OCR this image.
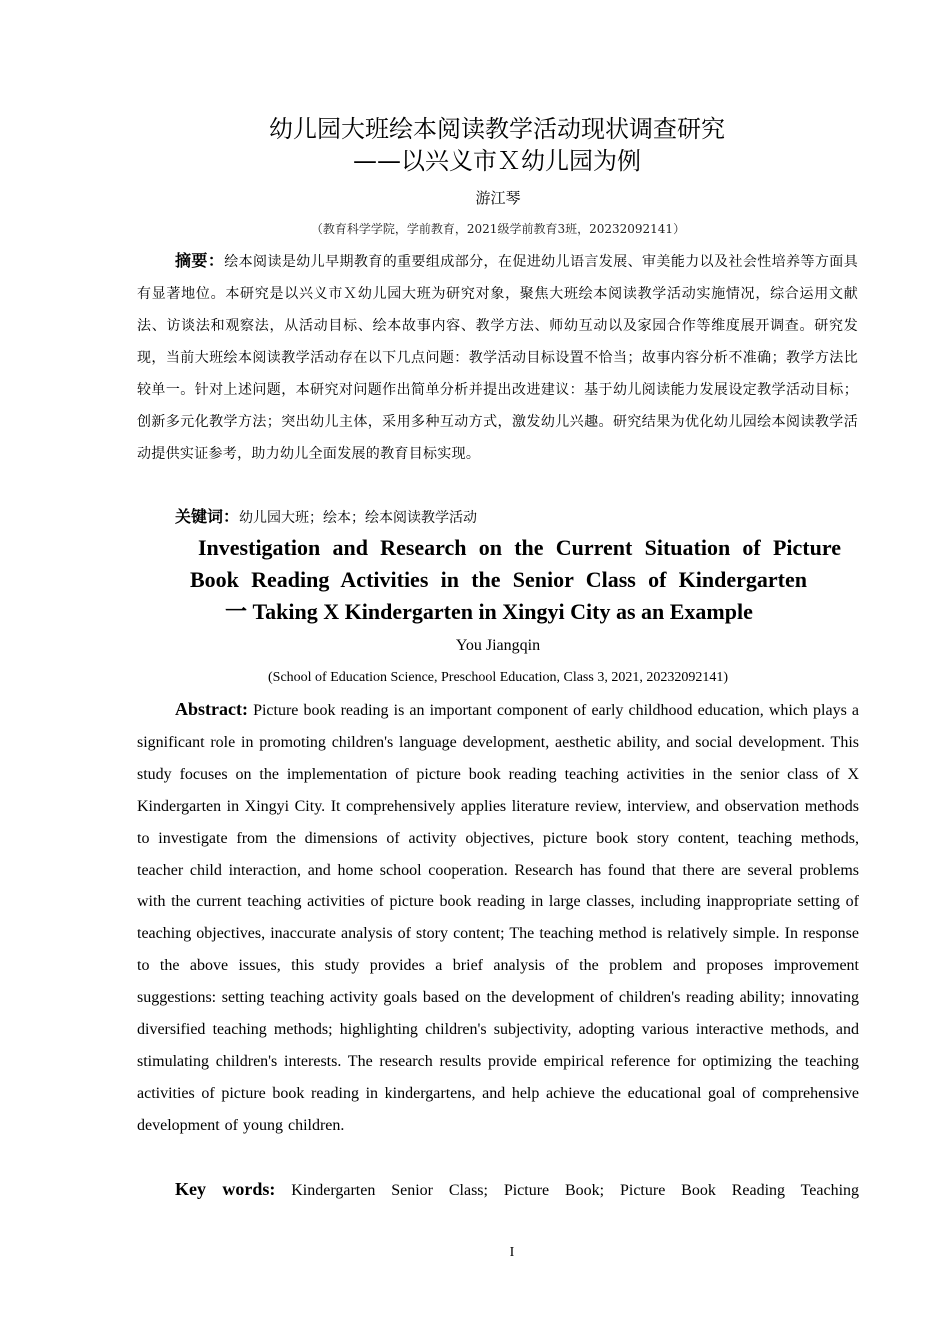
幼儿园大班绘本阅读教学活动现状调查研究
——以兴义市Ｘ幼儿园为例
游江琴
（教育科学学院，学前教育，2021级学前教育3班，20232092141）
摘要：绘本阅读是幼儿早期教育的重要组成部分，在促进幼儿语言发展、审美能力以及社会性培养等方面具有显著地位。本研究是以兴义市Ｘ幼儿园大班为研究对象，聚焦大班绘本阅读教学活动实施情况，综合运用文献法、访谈法和观察法，从活动目标、绘本故事内容、教学方法、师幼互动以及家园合作等维度展开调查。研究发现，当前大班绘本阅读教学活动存在以下几点问题：教学活动目标设置不恰当；故事内容分析不准确；教学方法比较单一。针对上述问题，本研究对问题作出简单分析并提出改进建议：基于幼儿阅读能力发展设定教学活动目标；创新多元化教学方法；突出幼儿主体，采用多种互动方式，激发幼儿兴趣。研究结果为优化幼儿园绘本阅读教学活动提供实证参考，助力幼儿全面发展的教育目标实现。
关键词：幼儿园大班；绘本；绘本阅读教学活动
Investigation and Research on the Current Situation of Picture
Book Reading Activities in the Senior Class of Kindergarten
一 Taking X Kindergarten in Xingyi City as an Example
You Jiangqin
(School of Education Science, Preschool Education, Class 3, 2021, 20232092141)
Abstract: Picture book reading is an important component of early childhood education, which plays a significant role in promoting children's language development, aesthetic ability, and social development. This study focuses on the implementation of picture book reading teaching activities in the senior class of X Kindergarten in Xingyi City. It comprehensively applies literature review, interview, and observation methods to investigate from the dimensions of activity objectives, picture book story content, teaching methods, teacher child interaction, and home school cooperation. Research has found that there are several problems with the current teaching activities of picture book reading in large classes, including inappropriate setting of teaching objectives, inaccurate analysis of story content; The teaching method is relatively simple. In response to the above issues, this study provides a brief analysis of the problem and proposes improvement suggestions: setting teaching activity goals based on the development of children's reading ability; innovating diversified teaching methods; highlighting children's subjectivity, adopting various interactive methods, and stimulating children's interests. The research results provide empirical reference for optimizing the teaching activities of picture book reading in kindergartens, and help achieve the educational goal of comprehensive development of young children.
Key words: Kindergarten Senior Class; Picture Book; Picture Book Reading Teaching
I
